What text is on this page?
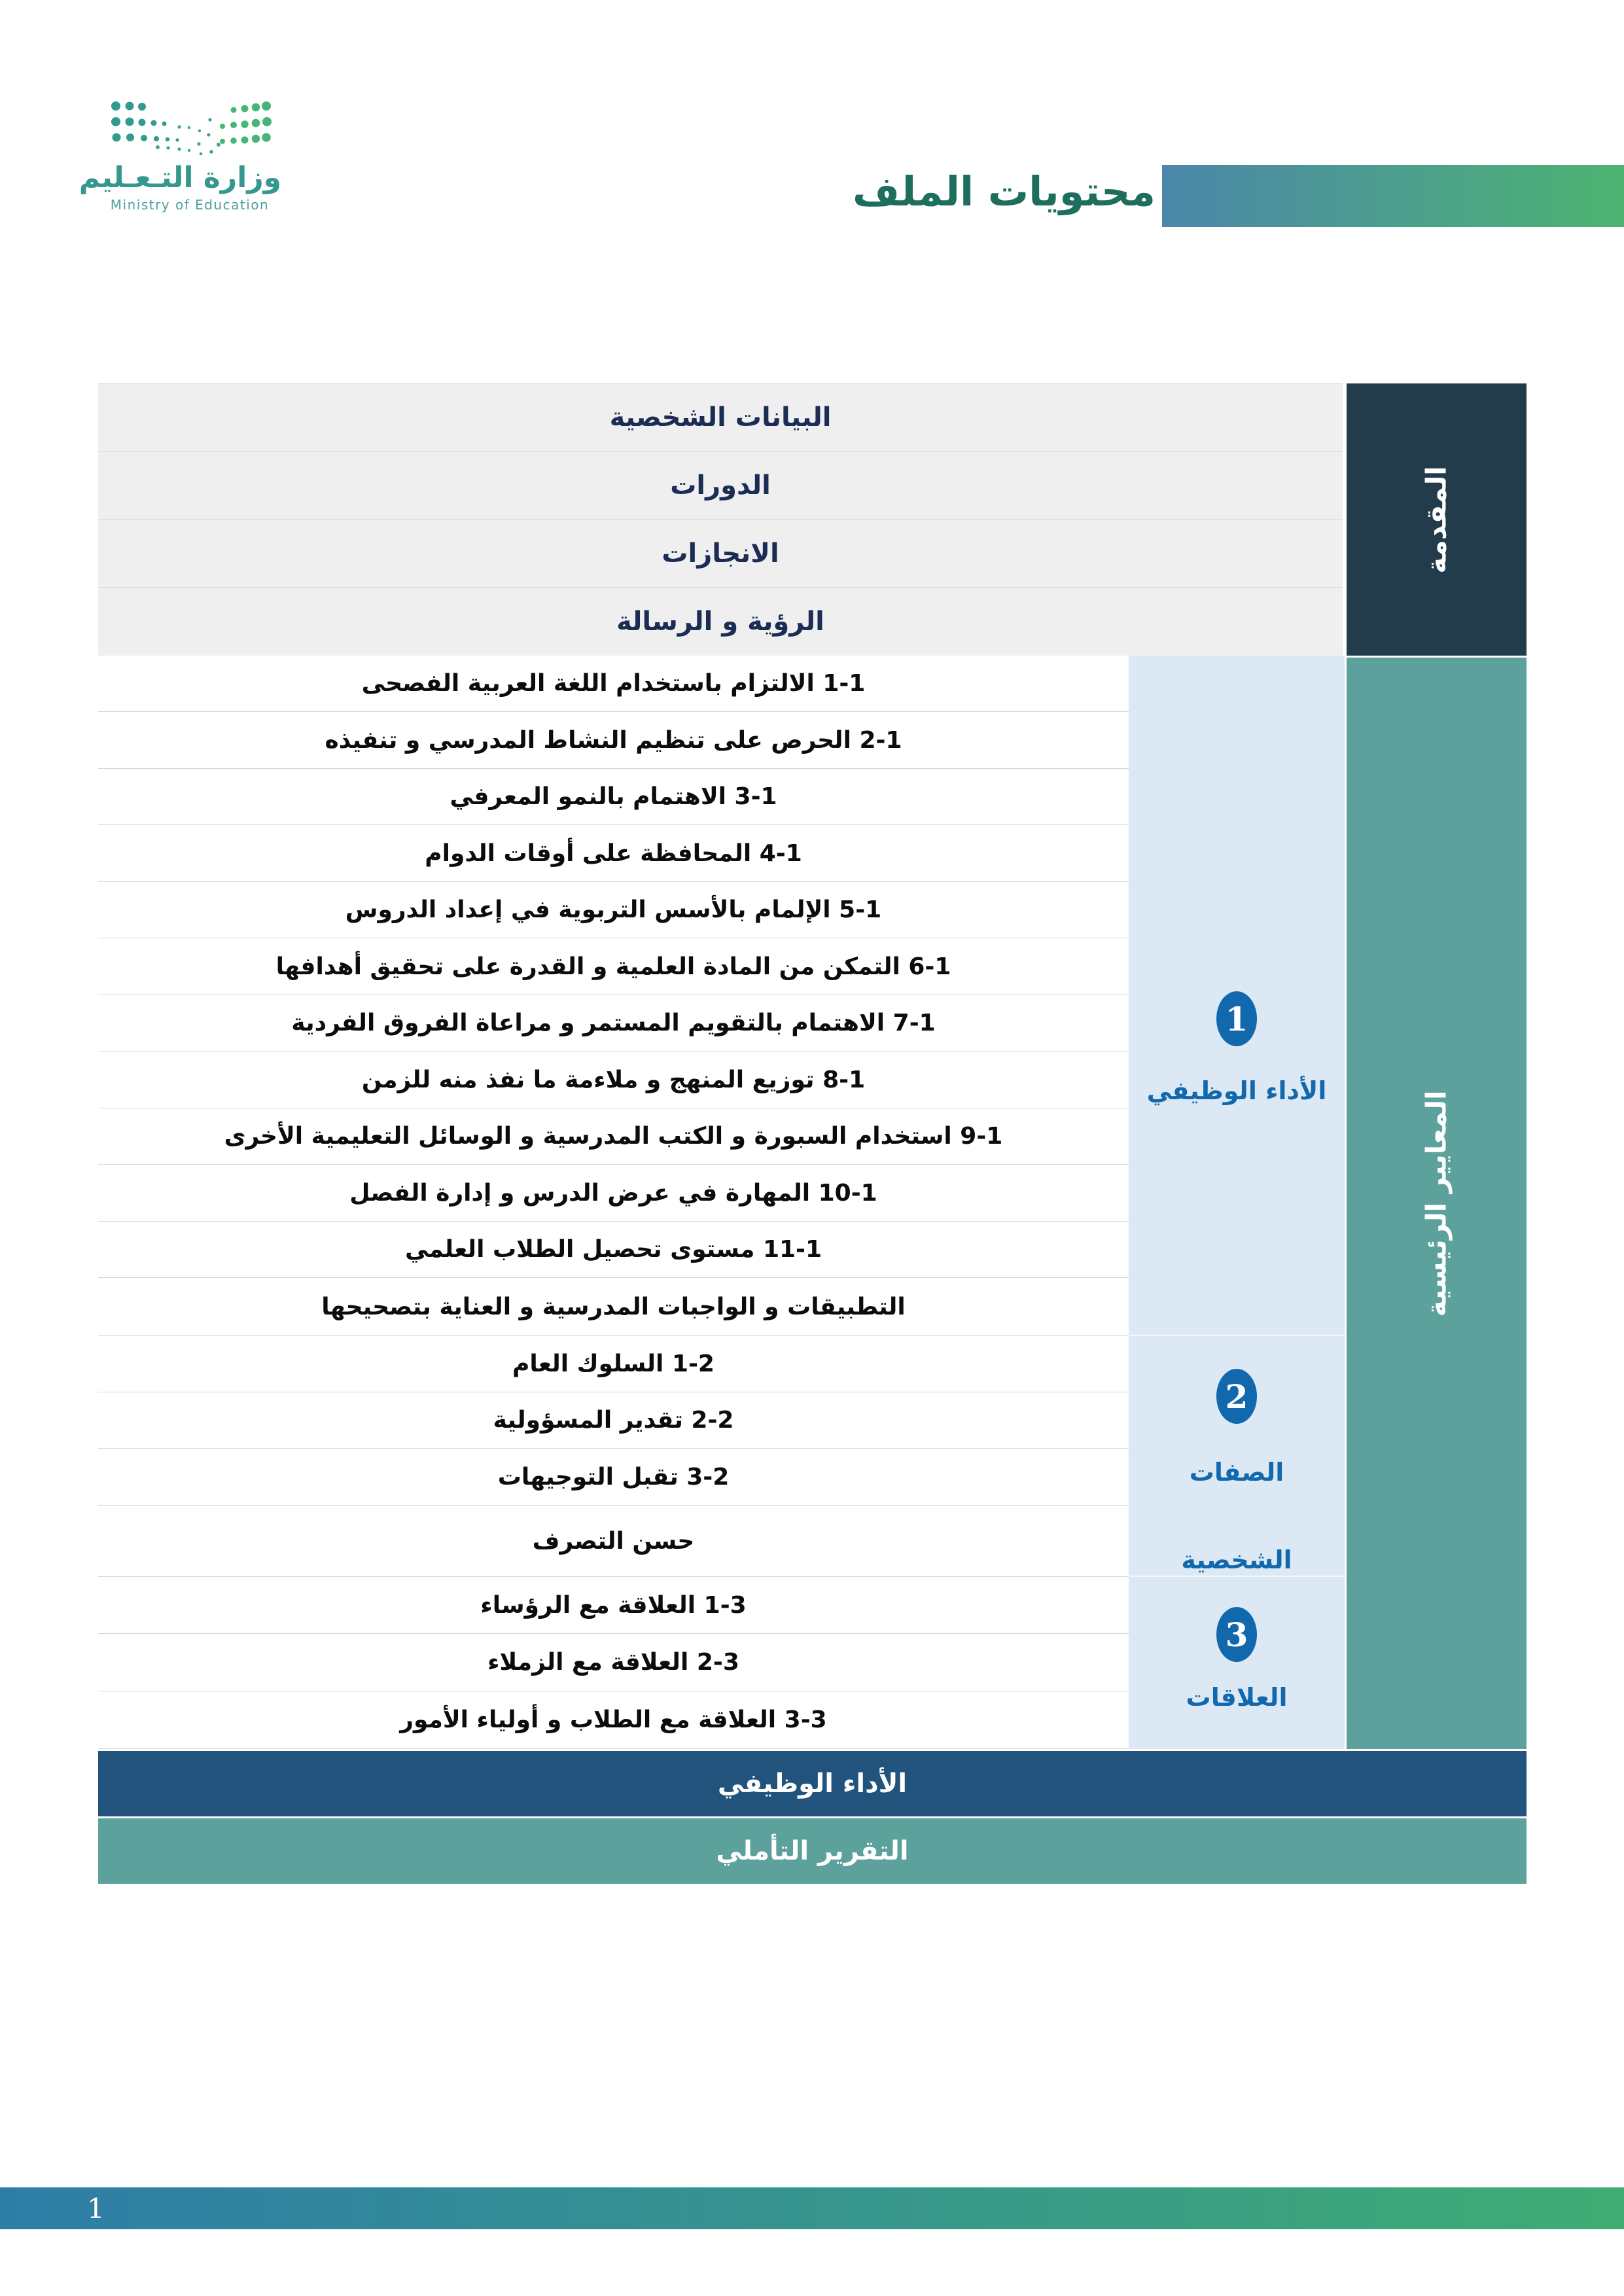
وزارة التـعـليم
Ministry of Education	محتويات الملف
البيانات الشخصية
الدورات
الانجازات
الرؤية و الرسالة
المقدمة
1-1 الالتزام باستخدام اللغة العربية الفصحى
2-1 الحرص على تنظيم النشاط المدرسي و تنفيذه
3-1 الاهتمام بالنمو المعرفي
4-1 المحافظة على أوقات الدوام
5-1 الإلمام بالأسس التربوية في إعداد الدروس
6-1 التمكن من المادة العلمية و القدرة على تحقيق أهدافها
7-1 الاهتمام بالتقويم المستمر و مراعاة الفروق الفردية
8-1 توزيع المنهج و ملاءمة ما نفذ منه للزمن
9-1 استخدام السبورة و الكتب المدرسية و الوسائل التعليمية الأخرى
10-1 المهارة في عرض الدرس و إدارة الفصل
11-1 مستوى تحصيل الطلاب العلمي
التطبيقات و الواجبات المدرسية و العناية بتصحيحها
1-2 السلوك العام
2-2 تقدير المسؤولية
3-2 تقبل التوجيهات
حسن التصرف
1-3 العلاقة مع الرؤساء
2-3 العلاقة مع الزملاء
3-3 العلاقة مع الطلاب و أولياء الأمور
1
الأداء الوظيفي
2
الصفات
الشخصية
3
العلاقات
المعايير الرئيسية
الأداء الوظيفي
التقرير التأملي
1
